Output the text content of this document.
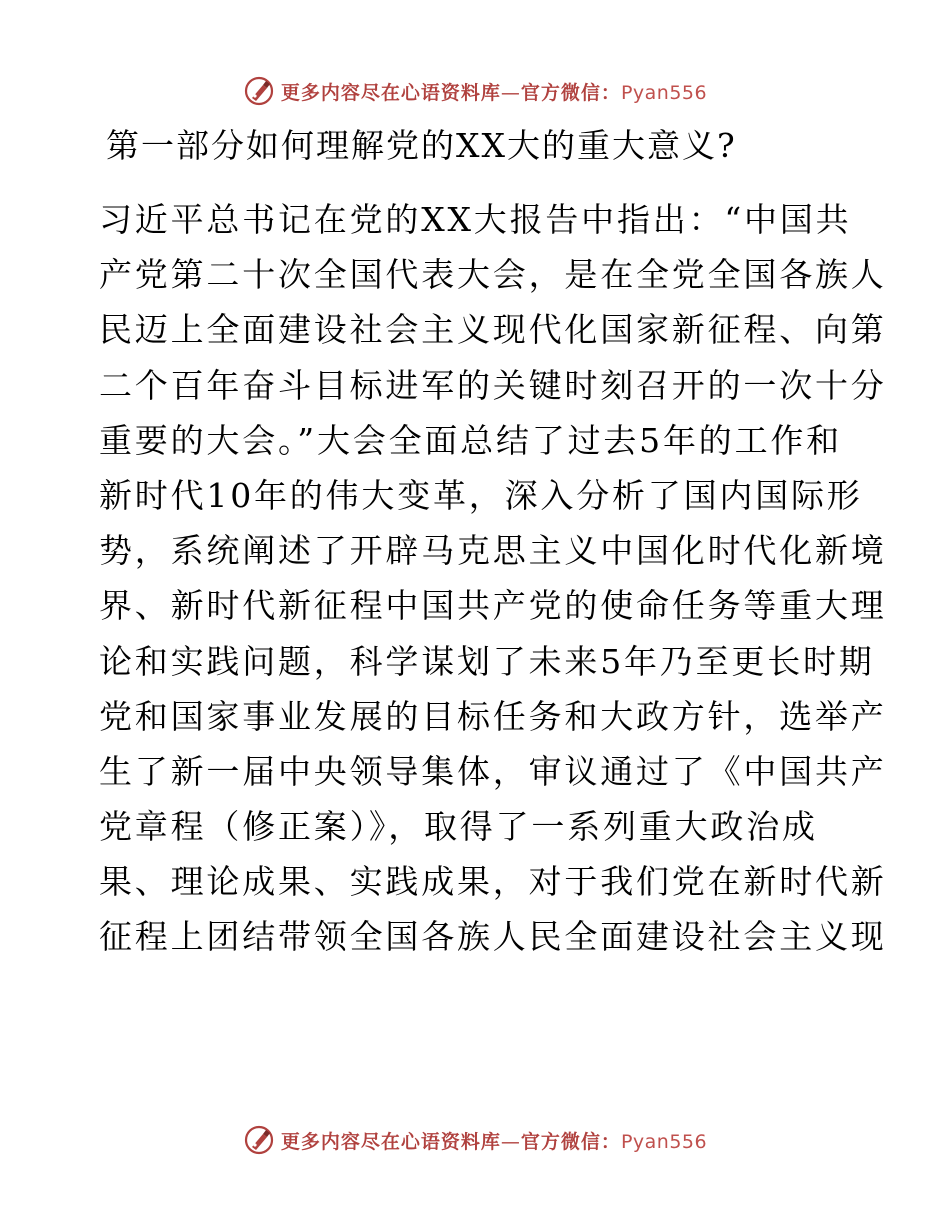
更多内容尽在心语资料库—官方微信：Pyan556
第一部分如何理解党的XX大的重大意义?
习近平总书记在党的XX大报告中指出：“中国共
产党第二十次全国代表大会，是在全党全国各族人
民迈上全面建设社会主义现代化国家新征程、向第
二个百年奋斗目标进军的关键时刻召开的一次十分
重要的大会。”大会全面总结了过去5年的工作和
新时代10年的伟大变革，深入分析了国内国际形
势，系统阐述了开辟马克思主义中国化时代化新境
界、新时代新征程中国共产党的使命任务等重大理
论和实践问题，科学谋划了未来5年乃至更长时期
党和国家事业发展的目标任务和大政方针，选举产
生了新一届中央领导集体，审议通过了《中国共产
党章程（修正案）》，取得了一系列重大政治成
果、理论成果、实践成果，对于我们党在新时代新
征程上团结带领全国各族人民全面建设社会主义现
更多内容尽在心语资料库—官方微信：Pyan556
